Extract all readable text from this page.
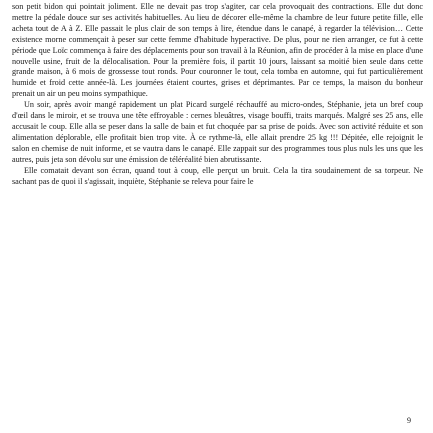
son petit bidon qui pointait joliment. Elle ne devait pas trop s'agiter, car cela provoquait des contractions. Elle dut donc mettre la pédale douce sur ses activités habituelles. Au lieu de décorer elle-même la chambre de leur future petite fille, elle acheta tout de A à Z. Elle passait le plus clair de son temps à lire, étendue dans le canapé, à regarder la télévision… Cette existence morne commençait à peser sur cette femme d'habitude hyperactive. De plus, pour ne rien arranger, ce fut à cette période que Loïc commença à faire des déplacements pour son travail à la Réunion, afin de procéder à la mise en place d'une nouvelle usine, fruit de la délocalisation. Pour la première fois, il partit 10 jours, laissant sa moitié bien seule dans cette grande maison, à 6 mois de grossesse tout ronds. Pour couronner le tout, cela tomba en automne, qui fut particulièrement humide et froid cette année-là. Les journées étaient courtes, grises et déprimantes. Par ce temps, la maison du bonheur prenait un air un peu moins sympathique.

Un soir, après avoir mangé rapidement un plat Picard surgelé réchauffé au micro-ondes, Stéphanie, jeta un bref coup d'œil dans le miroir, et se trouva une tête effroyable : cernes bleuâtres, visage bouffi, traits marqués. Malgré ses 25 ans, elle accusait le coup. Elle alla se peser dans la salle de bain et fut choquée par sa prise de poids. Avec son activité réduite et son alimentation déplorable, elle profitait bien trop vite. À ce rythme-là, elle allait prendre 25 kg !!! Dépitée, elle rejoignit le salon en chemise de nuit informe, et se vautra dans le canapé. Elle zappait sur des programmes tous plus nuls les uns que les autres, puis jeta son dévolu sur une émission de téléréalité bien abrutissante.

Elle comatait devant son écran, quand tout à coup, elle perçut un bruit. Cela la tira soudainement de sa torpeur. Ne sachant pas de quoi il s'agissait, inquiète, Stéphanie se releva pour faire le

9
